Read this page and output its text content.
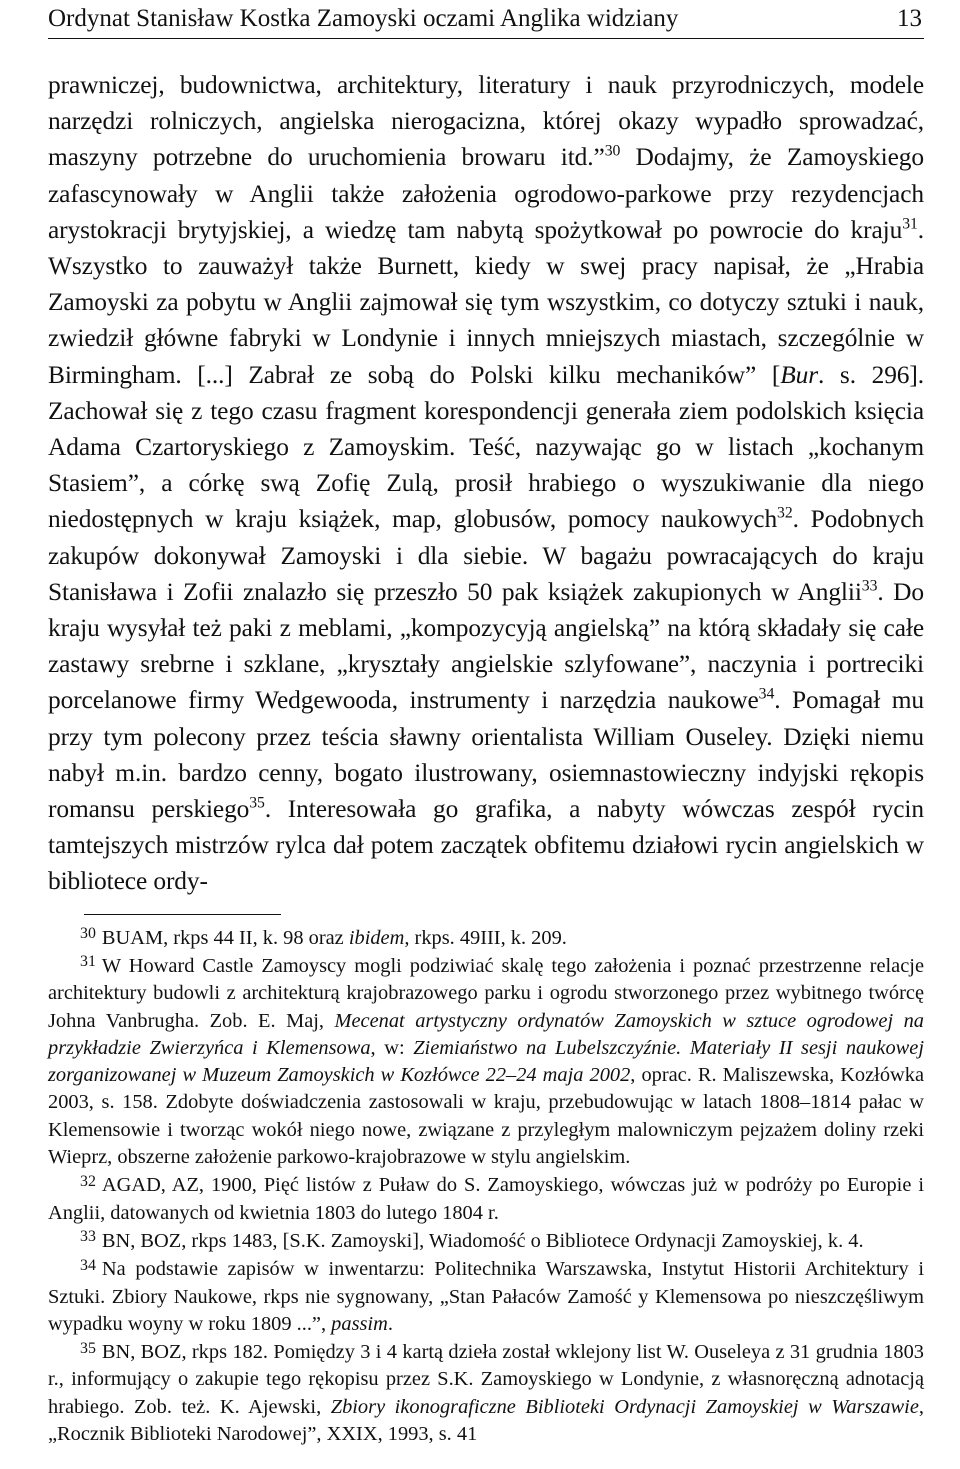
Ordynat Stanisław Kostka Zamoyski oczami Anglika widziany	13

prawniczej, budownictwa, architektury, literatury i nauk przyrodniczych, modele narzędzi rolniczych, angielska nierogacizna, której okazy wypadło sprowadzać, maszyny potrzebne do uruchomienia browaru itd.”$^{30}$ Dodajmy, że Zamoyskiego zafascynowały w Anglii także założenia ogrodowo-parkowe przy rezydencjach arystokracji brytyjskiej, a wiedzę tam nabytą spożytkował po powrocie do kraju$^{31}$. Wszystko to zauważył także Burnett, kiedy w swej pracy napisał, że „Hrabia Zamoyski za pobytu w Anglii zajmował się tym wszystkim, co dotyczy sztuki i nauk, zwiedził główne fabryki w Londynie i innych mniejszych miastach, szczególnie w Birmingham. [...] Zabrał ze sobą do Polski kilku mechaników” [Bur. s. 296]. Zachował się z tego czasu fragment korespondencji generała ziem podolskich księcia Adama Czartoryskiego z Zamoyskim. Teść, nazywając go w listach „kochanym Stasiem”, a córkę swą Zofię Zulą, prosił hrabiego o wyszukiwanie dla niego niedostępnych w kraju książek, map, globusów, pomocy naukowych$^{32}$. Podobnych zakupów dokonywał Zamoyski i dla siebie. W bagażu powracających do kraju Stanisława i Zofii znalazło się przeszło 50 pak książek zakupionych w Anglii$^{33}$. Do kraju wysyłał też paki z meblami, „kompozycyją angielską” na którą składały się całe zastawy srebrne i szklane, „kryształy angielskie szlyfowane”, naczynia i portreciki porcelanowe firmy Wedgewooda, instrumenty i narzędzia naukowe$^{34}$. Pomagał mu przy tym polecony przez teścia sławny orientalista William Ouseley. Dzięki niemu nabył m.in. bardzo cenny, bogato ilustrowany, osiemnastowieczny indyjski rękopis romansu perskiego$^{35}$. Interesowała go grafika, a nabyty wówczas zespół rycin tamtejszych mistrzów rylca dał potem zaczątek obfitemu działowi rycin angielskich w bibliotece ordy-

$^{30}$ BUAM, rkps 44 II, k. 98 oraz ibidem, rkps. 49III, k. 209.

$^{31}$ W Howard Castle Zamoyscy mogli podziwiać skalę tego założenia i poznać przestrzenne relacje architektury budowli z architekturą krajobrazowego parku i ogrodu stworzonego przez wybitnego twórcę Johna Vanbrugha. Zob. E. Maj, Mecenat artystyczny ordynatów Zamoyskich w sztuce ogrodowej na przykładzie Zwierzyńca i Klemensowa, w: Ziemiaństwo na Lubelszczyźnie. Materiały II sesji naukowej zorganizowanej w Muzeum Zamoyskich w Kozłówce 22–24 maja 2002, oprac. R. Maliszewska, Kozłówka 2003, s. 158. Zdobyte doświadczenia zastosowali w kraju, przebudowując w latach 1808–1814 pałac w Klemensowie i tworząc wokół niego nowe, związane z przyległym malowniczym pejzażem doliny rzeki Wieprz, obszerne założenie parkowo-krajobrazowe w stylu angielskim.

$^{32}$ AGAD, AZ, 1900, Pięć listów z Puław do S. Zamoyskiego, wówczas już w podróży po Europie i Anglii, datowanych od kwietnia 1803 do lutego 1804 r.

$^{33}$ BN, BOZ, rkps 1483, [S.K. Zamoyski], Wiadomość o Bibliotece Ordynacji Zamoyskiej, k. 4.

$^{34}$ Na podstawie zapisów w inwentarzu: Politechnika Warszawska, Instytut Historii Architektury i Sztuki. Zbiory Naukowe, rkps nie sygnowany, „Stan Pałaców Zamość y Klemensowa po nieszczęśliwym wypadku woyny w roku 1809 ...”, passim.

$^{35}$ BN, BOZ, rkps 182. Pomiędzy 3 i 4 kartą dzieła został wklejony list W. Ouseleya z 31 grudnia 1803 r., informujący o zakupie tego rękopisu przez S.K. Zamoyskiego w Londynie, z własnoręczną adnotacją hrabiego. Zob. też. K. Ajewski, Zbiory ikonograficzne Biblioteki Ordynacji Zamoyskiej w Warszawie, „Rocznik Biblioteki Narodowej”, XXIX, 1993, s. 41
